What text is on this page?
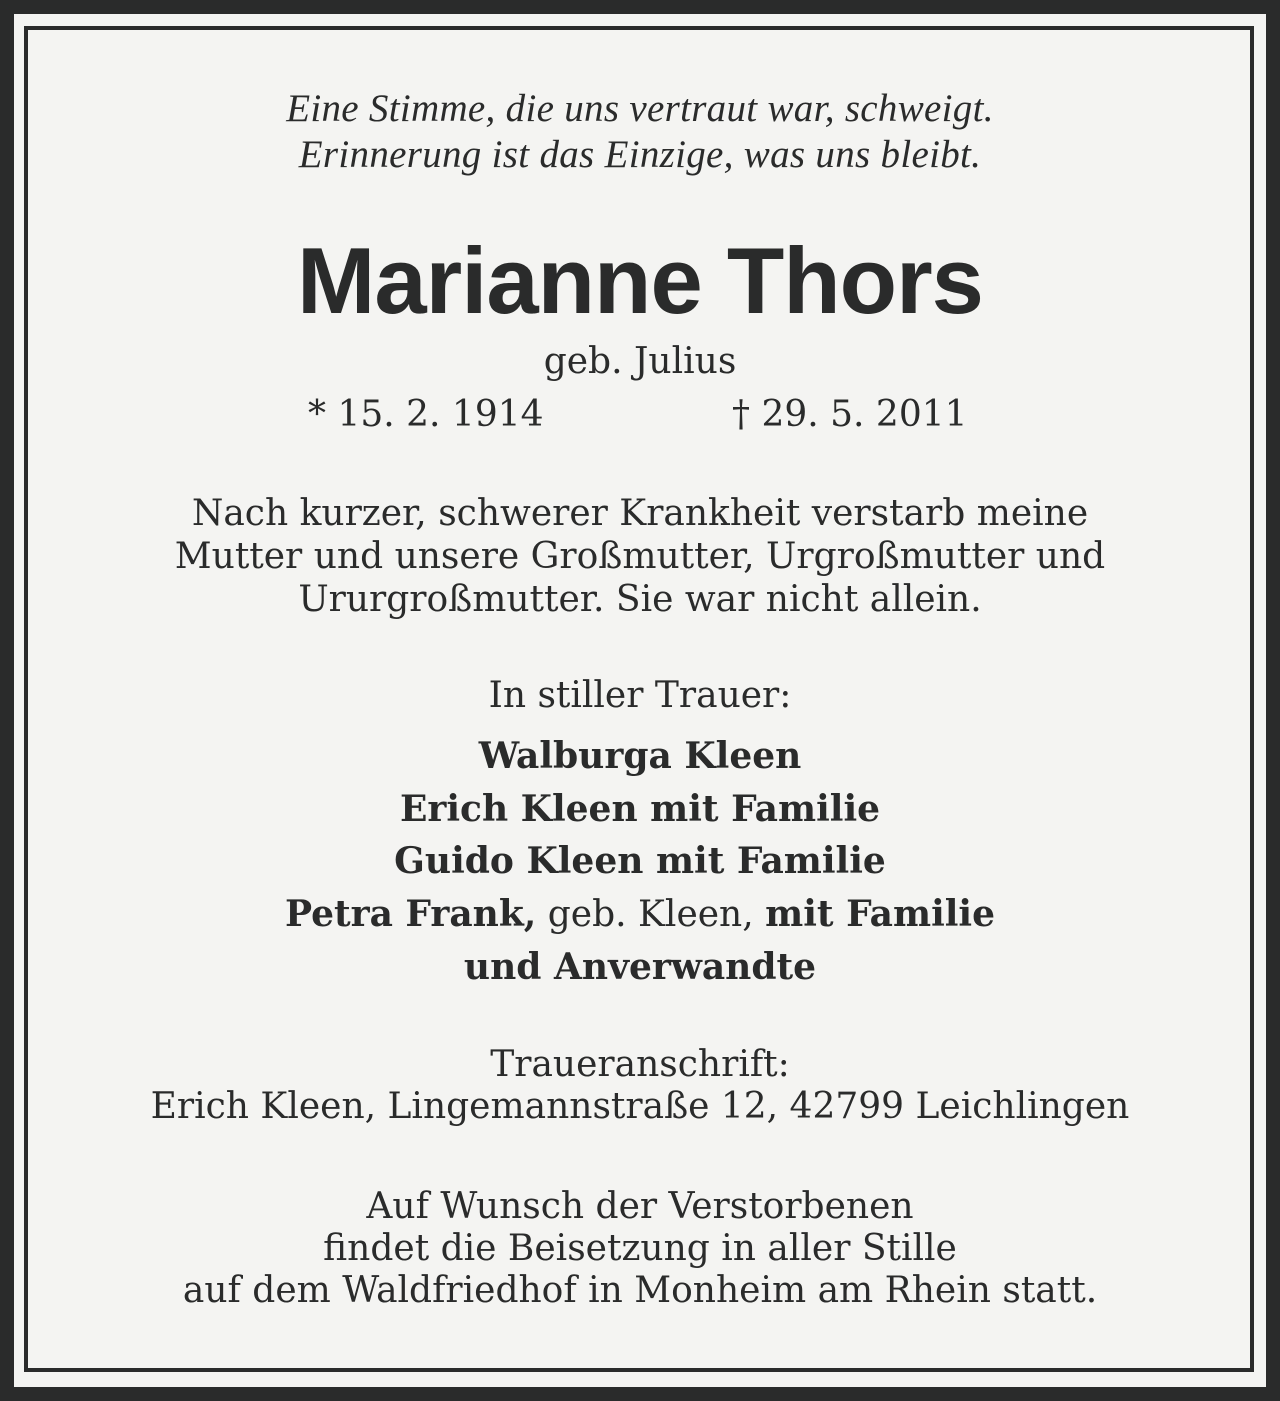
Eine Stimme, die uns vertraut war, schweigt.
Erinnerung ist das Einzige, was uns bleibt.
Marianne Thors
geb. Julius
* 15. 2. 1914	† 29. 5. 2011
Nach kurzer, schwerer Krankheit verstarb meine
Mutter und unsere Großmutter, Urgroßmutter und
Ururgroßmutter. Sie war nicht allein.
In stiller Trauer:
Walburga Kleen
Erich Kleen mit Familie
Guido Kleen mit Familie
Petra Frank, geb. Kleen, mit Familie
und Anverwandte
Traueranschrift:
Erich Kleen, Lingemannstraße 12, 42799 Leichlingen
Auf Wunsch der Verstorbenen
findet die Beisetzung in aller Stille
auf dem Waldfriedhof in Monheim am Rhein statt.
